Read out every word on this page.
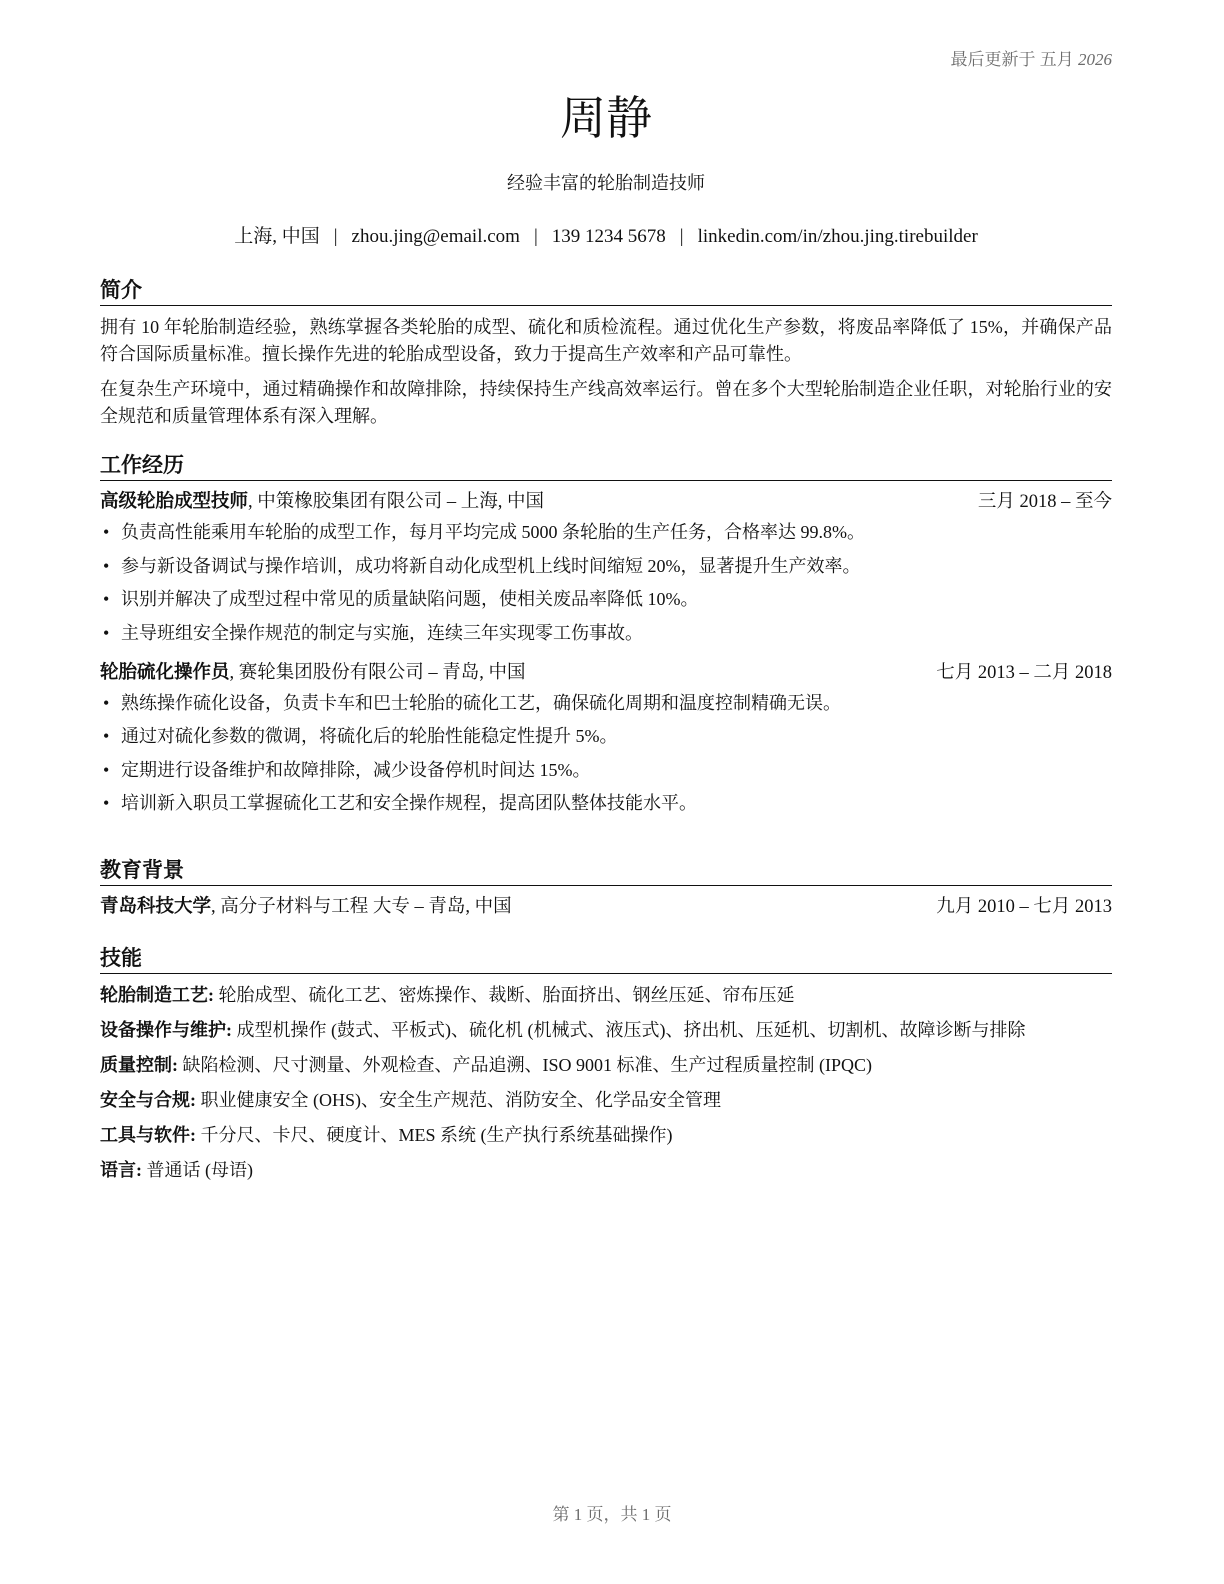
最后更新于 五月 2026
周静
经验丰富的轮胎制造技师
上海, 中国 | zhou.jing@email.com | 139 1234 5678 | linkedin.com/in/zhou.jing.tirebuilder
简介
拥有 10 年轮胎制造经验，熟练掌握各类轮胎的成型、硫化和质检流程。通过优化生产参数，将废品率降低了 15%，并确保产品符合国际质量标准。擅长操作先进的轮胎成型设备，致力于提高生产效率和产品可靠性。
在复杂生产环境中，通过精确操作和故障排除，持续保持生产线高效率运行。曾在多个大型轮胎制造企业任职，对轮胎行业的安全规范和质量管理体系有深入理解。
工作经历
高级轮胎成型技师, 中策橡胶集团有限公司 – 上海, 中国	三月 2018 – 至今
• 负责高性能乘用车轮胎的成型工作，每月平均完成 5000 条轮胎的生产任务，合格率达 99.8%。
• 参与新设备调试与操作培训，成功将新自动化成型机上线时间缩短 20%，显著提升生产效率。
• 识别并解决了成型过程中常见的质量缺陷问题，使相关废品率降低 10%。
• 主导班组安全操作规范的制定与实施，连续三年实现零工伤事故。
轮胎硫化操作员, 赛轮集团股份有限公司 – 青岛, 中国	七月 2013 – 二月 2018
• 熟练操作硫化设备，负责卡车和巴士轮胎的硫化工艺，确保硫化周期和温度控制精确无误。
• 通过对硫化参数的微调，将硫化后的轮胎性能稳定性提升 5%。
• 定期进行设备维护和故障排除，减少设备停机时间达 15%。
• 培训新入职员工掌握硫化工艺和安全操作规程，提高团队整体技能水平。
教育背景
青岛科技大学, 高分子材料与工程 大专 – 青岛, 中国	九月 2010 – 七月 2013
技能
轮胎制造工艺: 轮胎成型、硫化工艺、密炼操作、裁断、胎面挤出、钢丝压延、帘布压延
设备操作与维护: 成型机操作 (鼓式、平板式)、硫化机 (机械式、液压式)、挤出机、压延机、切割机、故障诊断与排除
质量控制: 缺陷检测、尺寸测量、外观检查、产品追溯、ISO 9001 标准、生产过程质量控制 (IPQC)
安全与合规: 职业健康安全 (OHS)、安全生产规范、消防安全、化学品安全管理
工具与软件: 千分尺、卡尺、硬度计、MES 系统 (生产执行系统基础操作)
语言: 普通话 (母语)
第 1 页，共 1 页
